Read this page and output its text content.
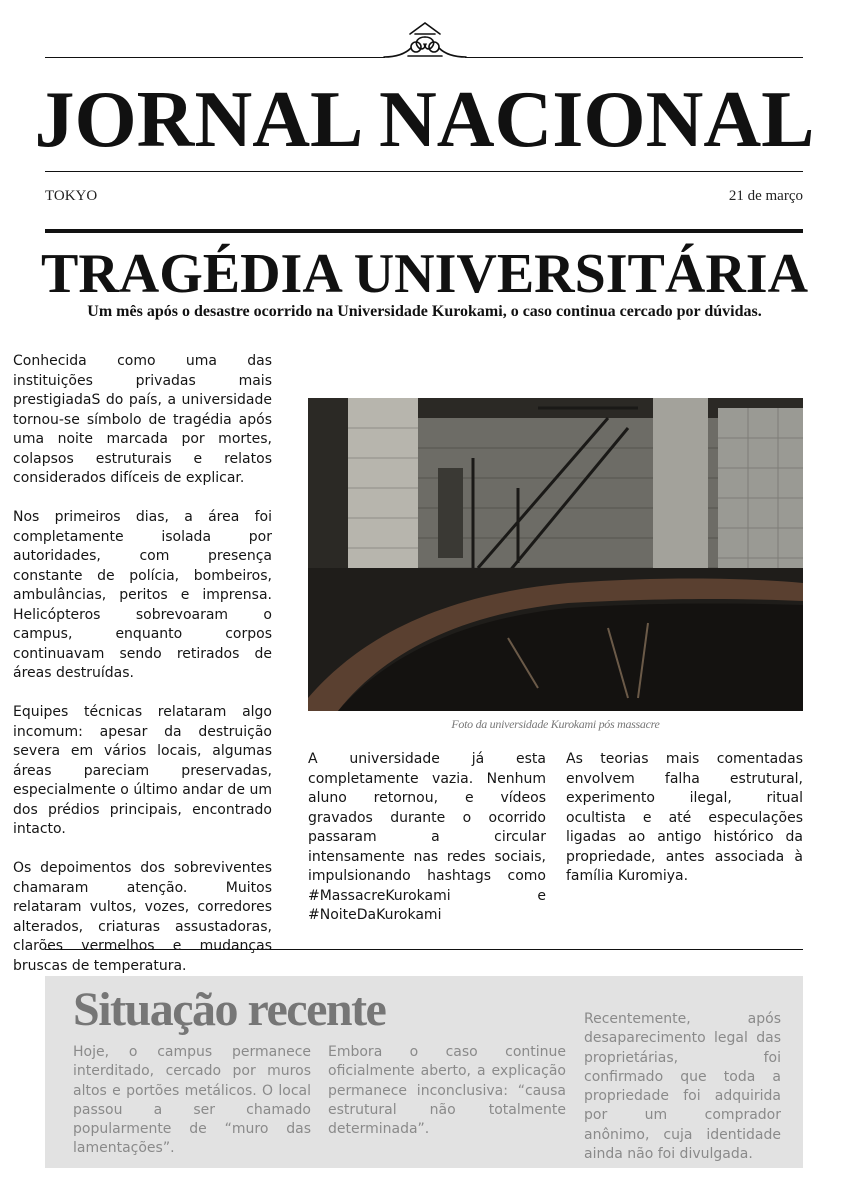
JORNAL NACIONAL
TOKYO	21 de março
TRAGÉDIA UNIVERSITÁRIA
Um mês após o desastre ocorrido na Universidade Kurokami, o caso continua cercado por dúvidas.

Conhecida como uma das instituições privadas mais prestigiadaS do país, a universidade tornou-se símbolo de tragédia após uma noite marcada por mortes, colapsos estruturais e relatos considerados difíceis de explicar.

Nos primeiros dias, a área foi completamente isolada por autoridades, com presença constante de polícia, bombeiros, ambulâncias, peritos e imprensa. Helicópteros sobrevoaram o campus, enquanto corpos continuavam sendo retirados de áreas destruídas.

Equipes técnicas relataram algo incomum: apesar da destruição severa em vários locais, algumas áreas pareciam preservadas, especialmente o último andar de um dos prédios principais, encontrado intacto.

Os depoimentos dos sobreviventes chamaram atenção. Muitos relataram vultos, vozes, corredores alterados, criaturas assustadoras, clarões vermelhos e mudanças bruscas de temperatura.

Foto da universidade Kurokami pós massacre
A universidade já esta completamente vazia. Nenhum aluno retornou, e vídeos gravados durante o ocorrido passaram a circular intensamente nas redes sociais, impulsionando hashtags como #MassacreKurokami e #NoiteDaKurokami
As teorias mais comentadas envolvem falha estrutural, experimento ilegal, ritual ocultista e até especulações ligadas ao antigo histórico da propriedade, antes associada à família Kuromiya.
Situação recente
Hoje, o campus permanece interditado, cercado por muros altos e portões metálicos. O local passou a ser chamado popularmente de “muro das lamentações”.
Embora o caso continue oficialmente aberto, a explicação permanece inconclusiva: “causa estrutural não totalmente determinada”.
Recentemente, após desaparecimento legal das proprietárias, foi confirmado que toda a propriedade foi adquirida por um comprador anônimo, cuja identidade ainda não foi divulgada.
